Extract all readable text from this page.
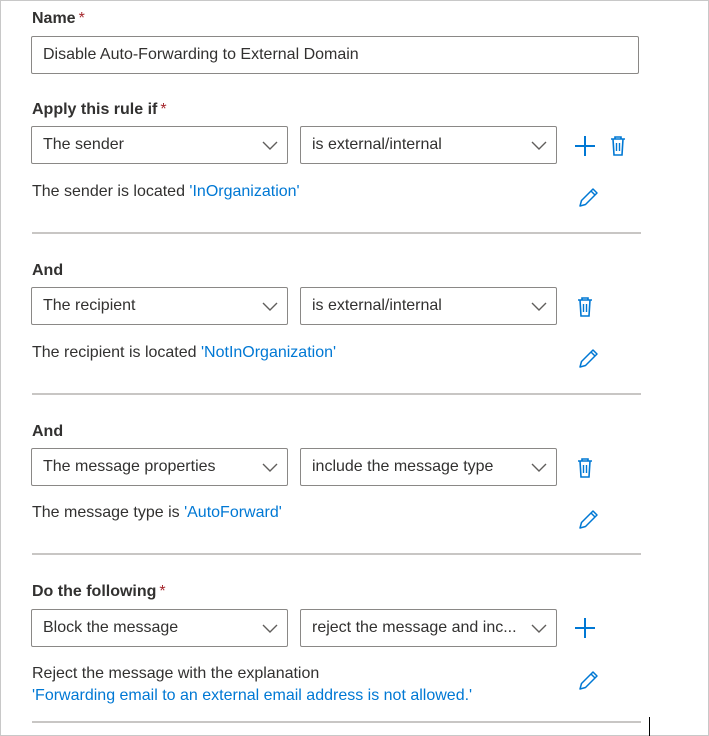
Name *
Disable Auto-Forwarding to External Domain
Apply this rule if *
The sender	is external/internal
The sender is located 'InOrganization'
And
The recipient	is external/internal
The recipient is located 'NotInOrganization'
And
The message properties	include the message type
The message type is 'AutoForward'
Do the following *
Block the message	reject the message and inc...
Reject the message with the explanation
'Forwarding email to an external email address is not allowed.'
